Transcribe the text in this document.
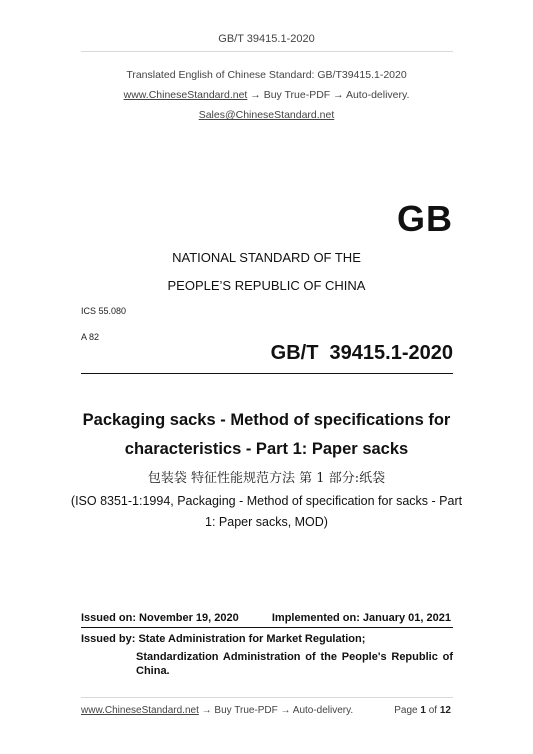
GB/T 39415.1-2020
Translated English of Chinese Standard: GB/T39415.1-2020
www.ChineseStandard.net → Buy True-PDF → Auto-delivery.
Sales@ChineseStandard.net
GB
NATIONAL STANDARD OF THE
PEOPLE’S REPUBLIC OF CHINA
ICS 55.080
A 82
GB/T  39415.1-2020
Packaging sacks - Method of specifications for
characteristics - Part 1: Paper sacks
包装袋 特征性能规范方法 第 1 部分:纸袋
(ISO 8351-1:1994, Packaging - Method of specification for sacks - Part
1: Paper sacks, MOD)
Issued on: November 19, 2020	Implemented on: January 01, 2021
Issued by: State Administration for Market Regulation;
Standardization Administration of the People's Republic of
China.
www.ChineseStandard.net → Buy True-PDF → Auto-delivery.	Page 1 of 12
